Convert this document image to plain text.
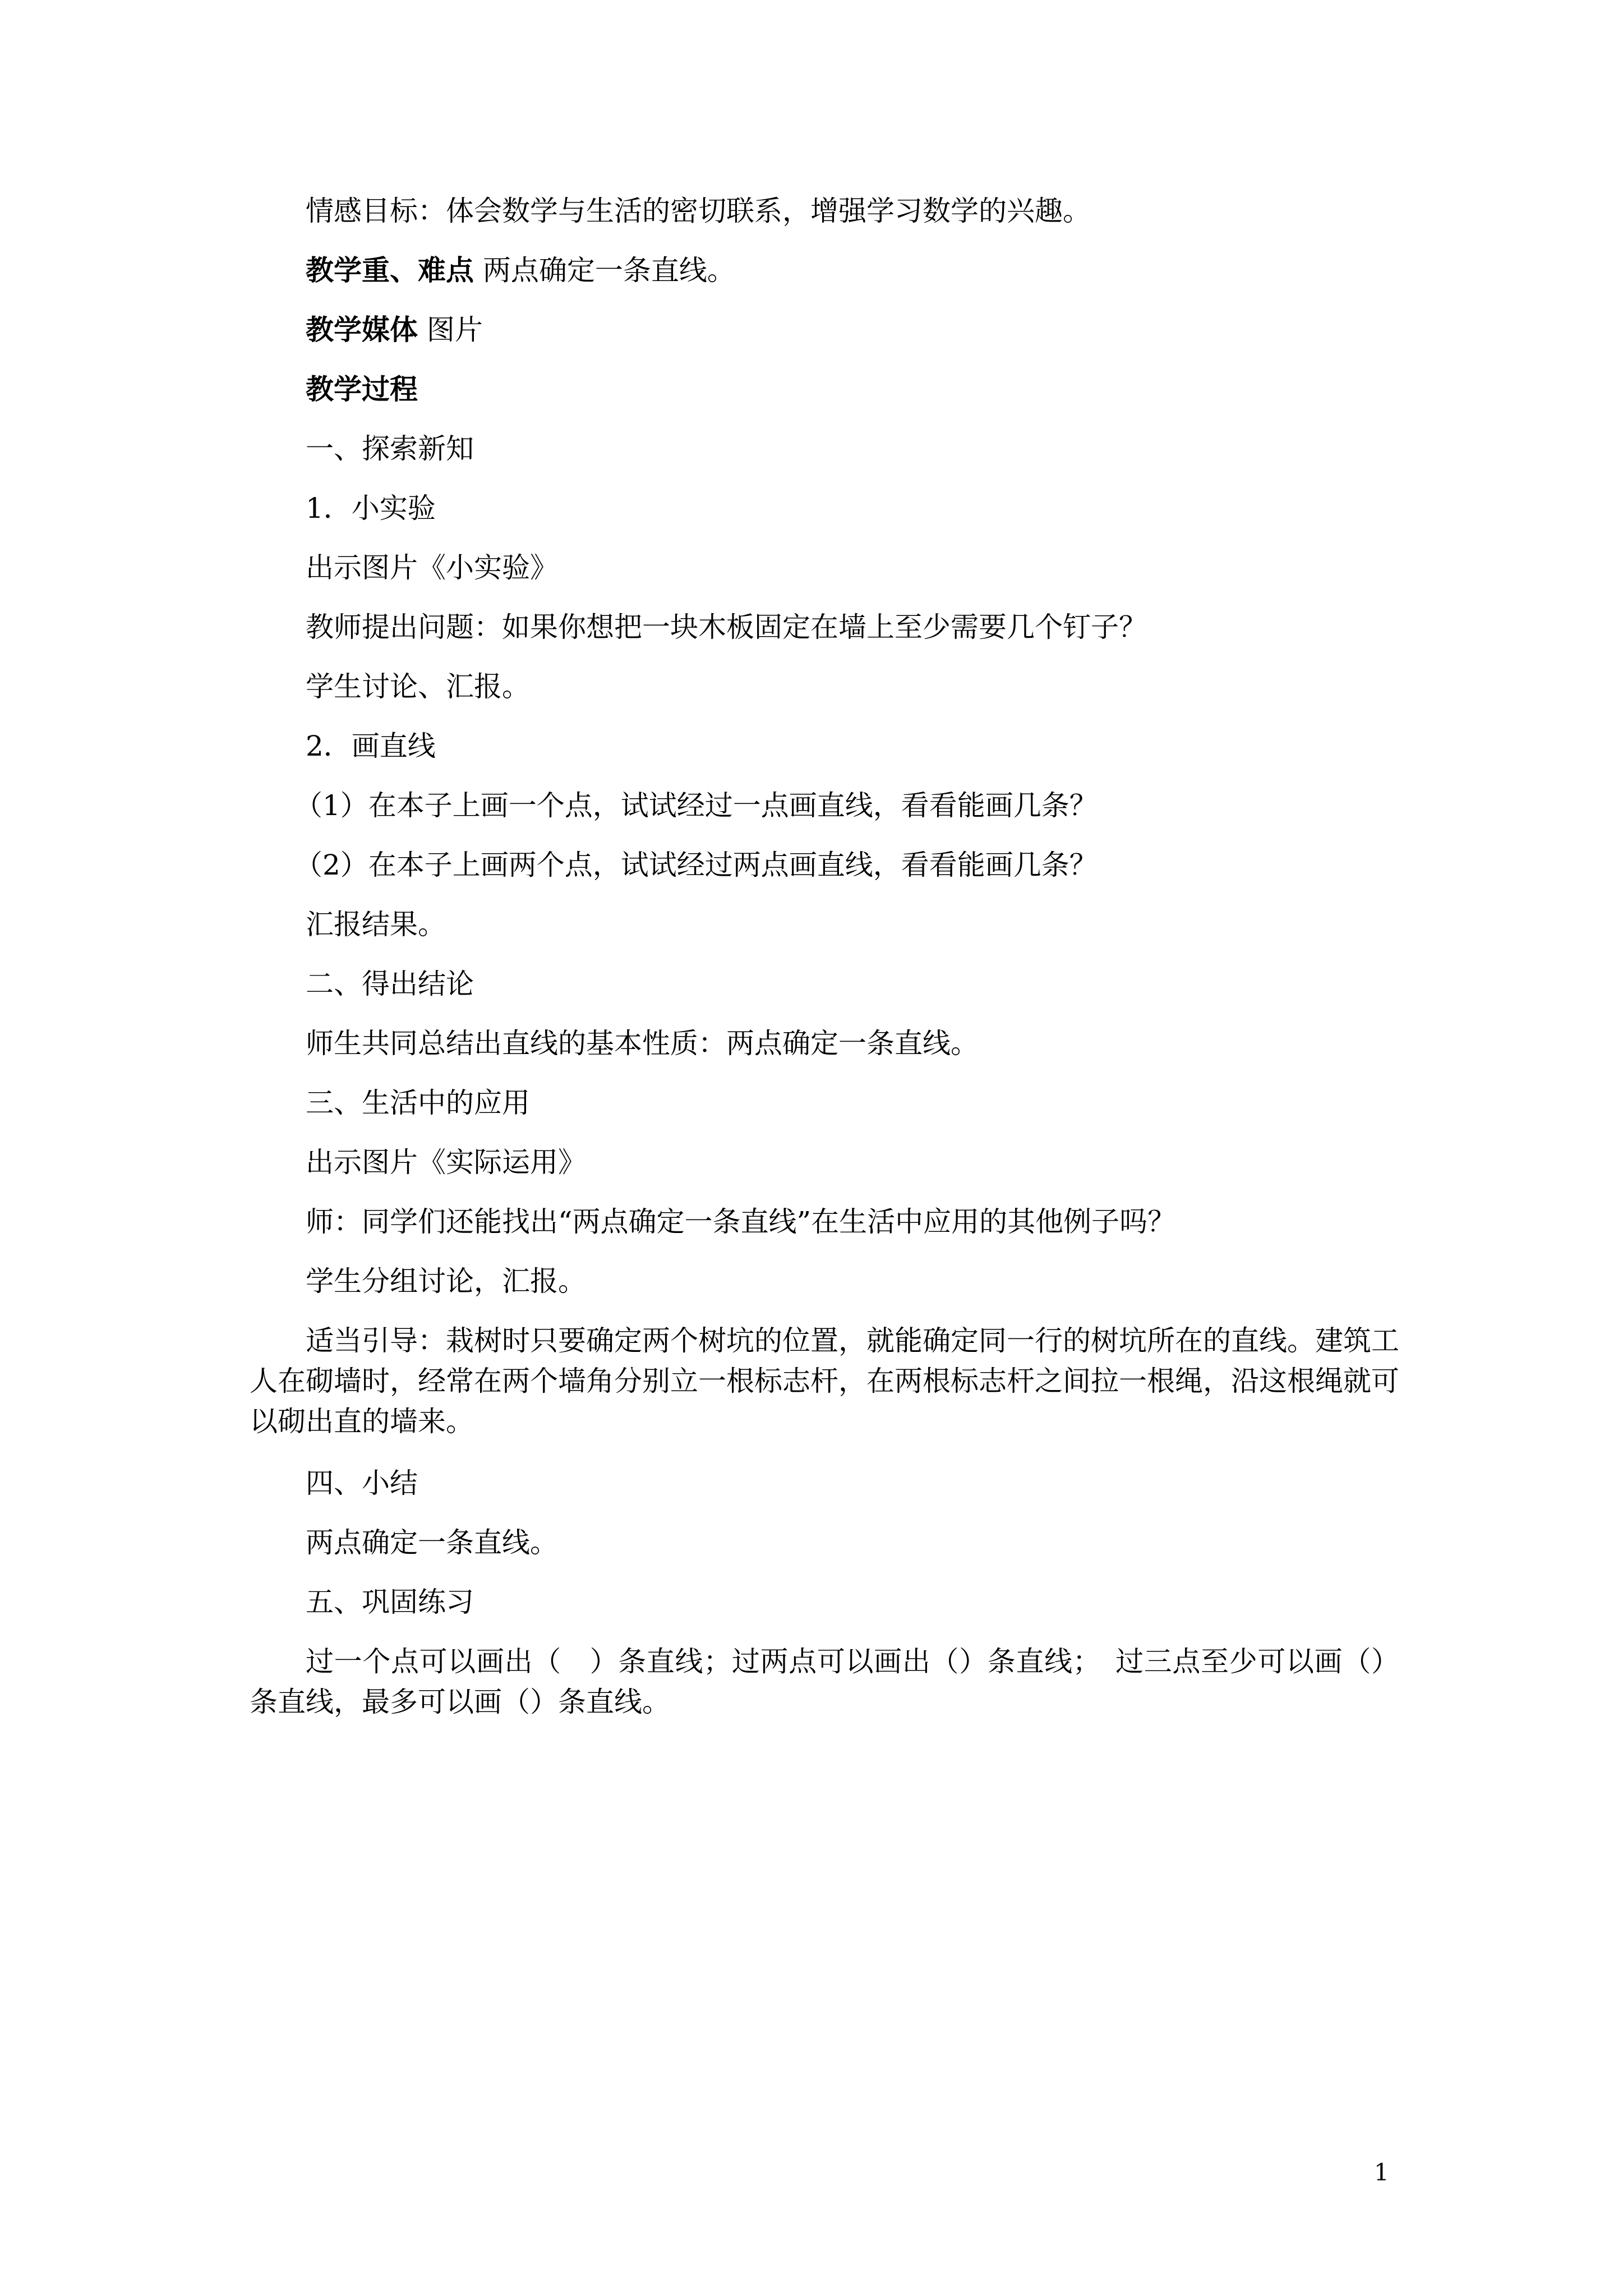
情感目标：体会数学与生活的密切联系，增强学习数学的兴趣。
教学重、难点 两点确定一条直线。
教学媒体 图片
教学过程
一、探索新知
1．小实验
出示图片《小实验》
教师提出问题：如果你想把一块木板固定在墙上至少需要几个钉子？
学生讨论、汇报。
2．画直线
（1）在本子上画一个点，试试经过一点画直线，看看能画几条？
（2）在本子上画两个点，试试经过两点画直线，看看能画几条？
汇报结果。
二、得出结论
师生共同总结出直线的基本性质：两点确定一条直线。
三、生活中的应用
出示图片《实际运用》
师：同学们还能找出“两点确定一条直线”在生活中应用的其他例子吗？
学生分组讨论，汇报。
适当引导：栽树时只要确定两个树坑的位置，就能确定同一行的树坑所在的直线。建筑工人在砌墙时，经常在两个墙角分别立一根标志杆，在两根标志杆之间拉一根绳，沿这根绳就可以砌出直的墙来。
四、小结
两点确定一条直线。
五、巩固练习
过一个点可以画出（　）条直线；过两点可以画出（）条直线；　过三点至少可以画（）条直线，最多可以画（）条直线。
1
